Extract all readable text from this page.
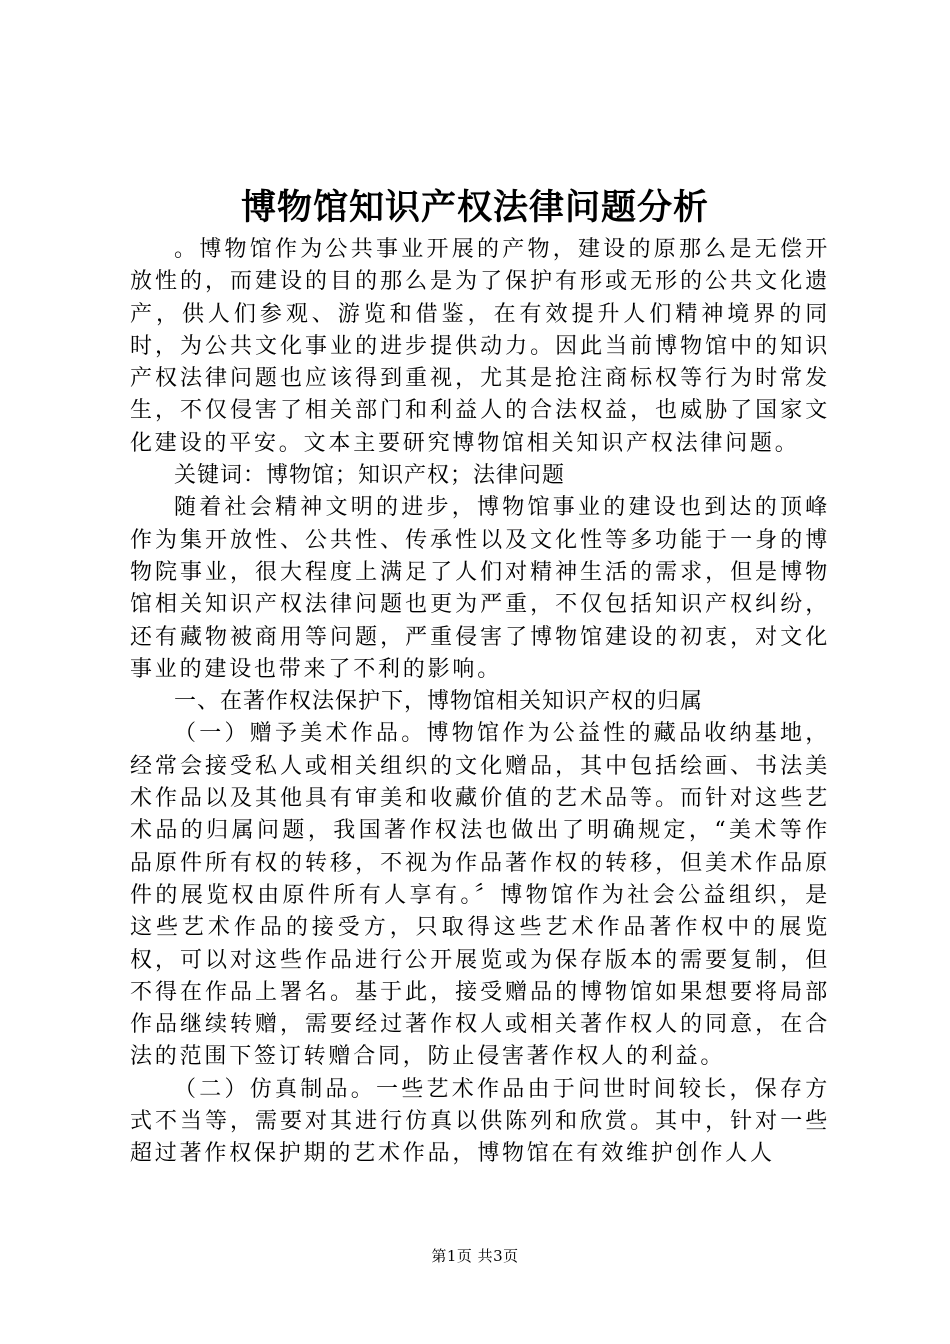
博物馆知识产权法律问题分析

。博物馆作为公共事业开展的产物，建设的原那么是无偿开放性的，而建设的目的那么是为了保护有形或无形的公共文化遗产，供人们参观、游览和借鉴，在有效提升人们精神境界的同时，为公共文化事业的进步提供动力。因此当前博物馆中的知识产权法律问题也应该得到重视，尤其是抢注商标权等行为时常发生，不仅侵害了相关部门和利益人的合法权益，也威胁了国家文化建设的平安。文本主要研究博物馆相关知识产权法律问题。

关键词：博物馆；知识产权；法律问题

随着社会精神文明的进步，博物馆事业的建设也到达的顶峰作为集开放性、公共性、传承性以及文化性等多功能于一身的博物院事业，很大程度上满足了人们对精神生活的需求，但是博物馆相关知识产权法律问题也更为严重，不仅包括知识产权纠纷，还有藏物被商用等问题，严重侵害了博物馆建设的初衷，对文化事业的建设也带来了不利的影响。

一、在著作权法保护下，博物馆相关知识产权的归属

（一）赠予美术作品。博物馆作为公益性的藏品收纳基地，经常会接受私人或相关组织的文化赠品，其中包括绘画、书法美术作品以及其他具有审美和收藏价值的艺术品等。而针对这些艺术品的归属问题，我国著作权法也做出了明确规定，“美术等作品原件所有权的转移，不视为作品著作权的转移，但美术作品原件的展览权由原件所有人享有。〞博物馆作为社会公益组织，是这些艺术作品的接受方，只取得这些艺术作品著作权中的展览权，可以对这些作品进行公开展览或为保存版本的需要复制，但不得在作品上署名。基于此，接受赠品的博物馆如果想要将局部作品继续转赠，需要经过著作权人或相关著作权人的同意，在合法的范围下签订转赠合同，防止侵害著作权人的利益。

（二）仿真制品。一些艺术作品由于问世时间较长，保存方式不当等，需要对其进行仿真以供陈列和欣赏。其中，针对一些超过著作权保护期的艺术作品，博物馆在有效维护创作人人

第1页 共3页
